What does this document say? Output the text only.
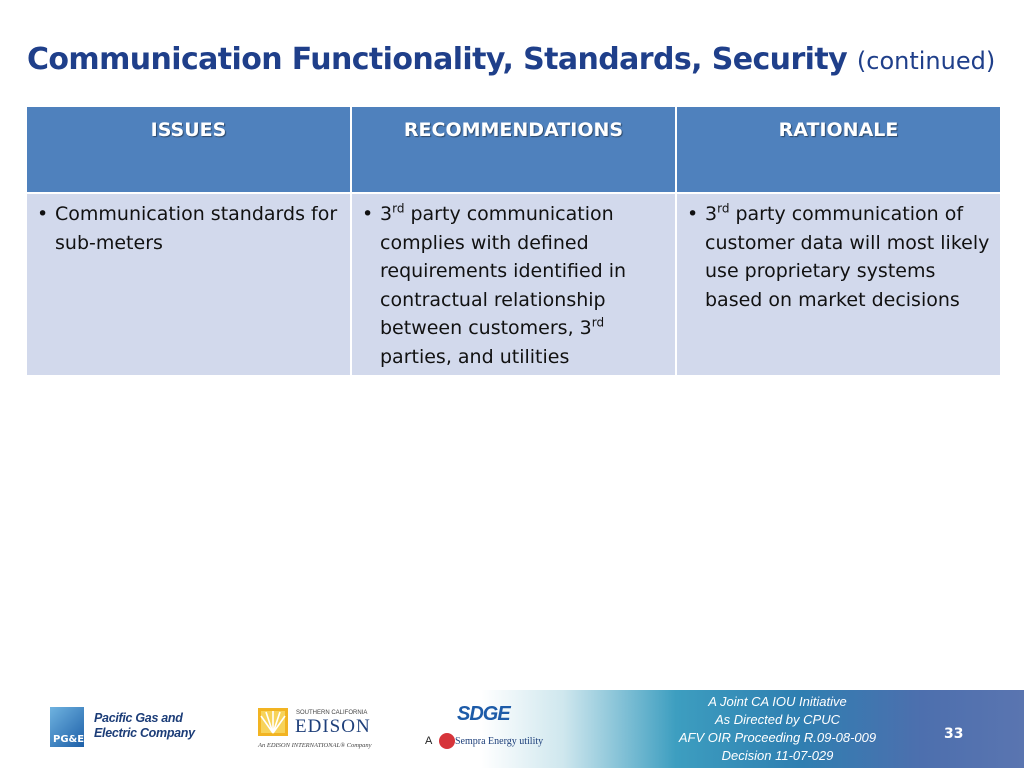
Communication Functionality, Standards, Security (continued)
ISSUES	RECOMMENDATIONS	RATIONALE

• Communication standards for sub-meters	• 3rd party communication complies with defined requirements identified in contractual relationship between customers, 3rd parties, and utilities	• 3rd party communication of customer data will most likely use proprietary systems based on market decisions
PG&E
Pacific Gas and
Electric Company
SOUTHERN CALIFORNIA
EDISON
An EDISON INTERNATIONAL® Company
SDGE
A Sempra Energy utility
A Joint CA IOU Initiative
As Directed by CPUC
AFV OIR Proceeding R.09-08-009
Decision 11-07-029
33
